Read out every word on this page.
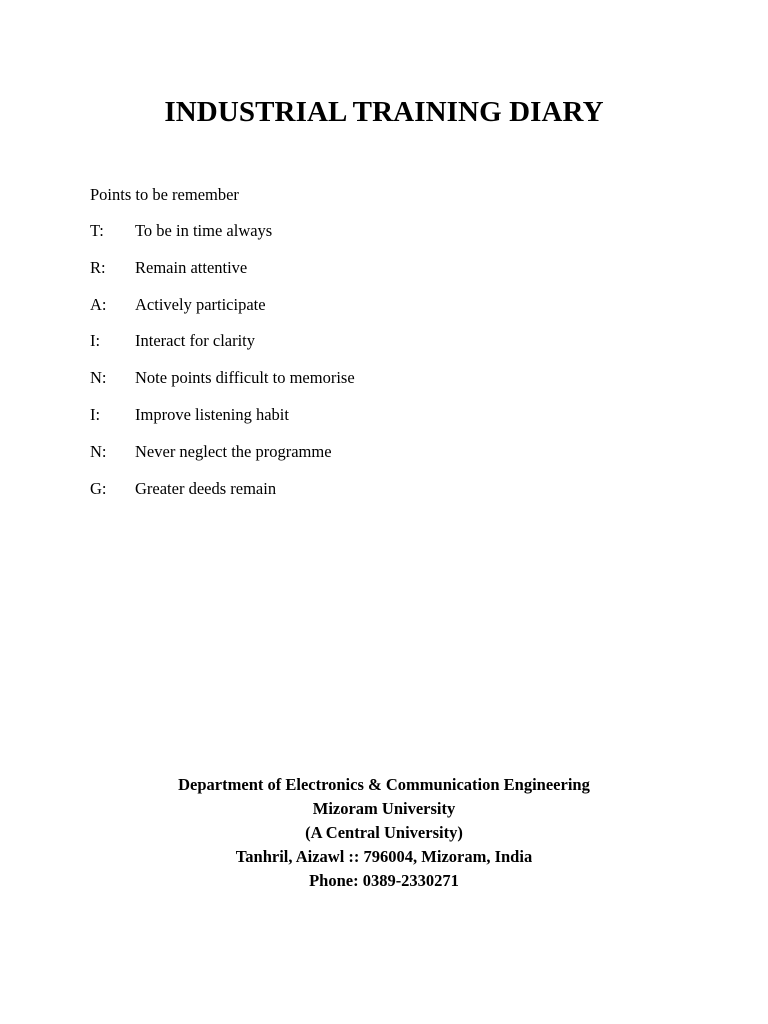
INDUSTRIAL TRAINING DIARY
Points to be remember
T: To be in time always
R: Remain attentive
A: Actively participate
I: Interact for clarity
N: Note points difficult to memorise
I: Improve listening habit
N: Never neglect the programme
G: Greater deeds remain
Department of Electronics & Communication Engineering
Mizoram University
(A Central University)
Tanhril, Aizawl :: 796004, Mizoram, India
Phone: 0389-2330271
